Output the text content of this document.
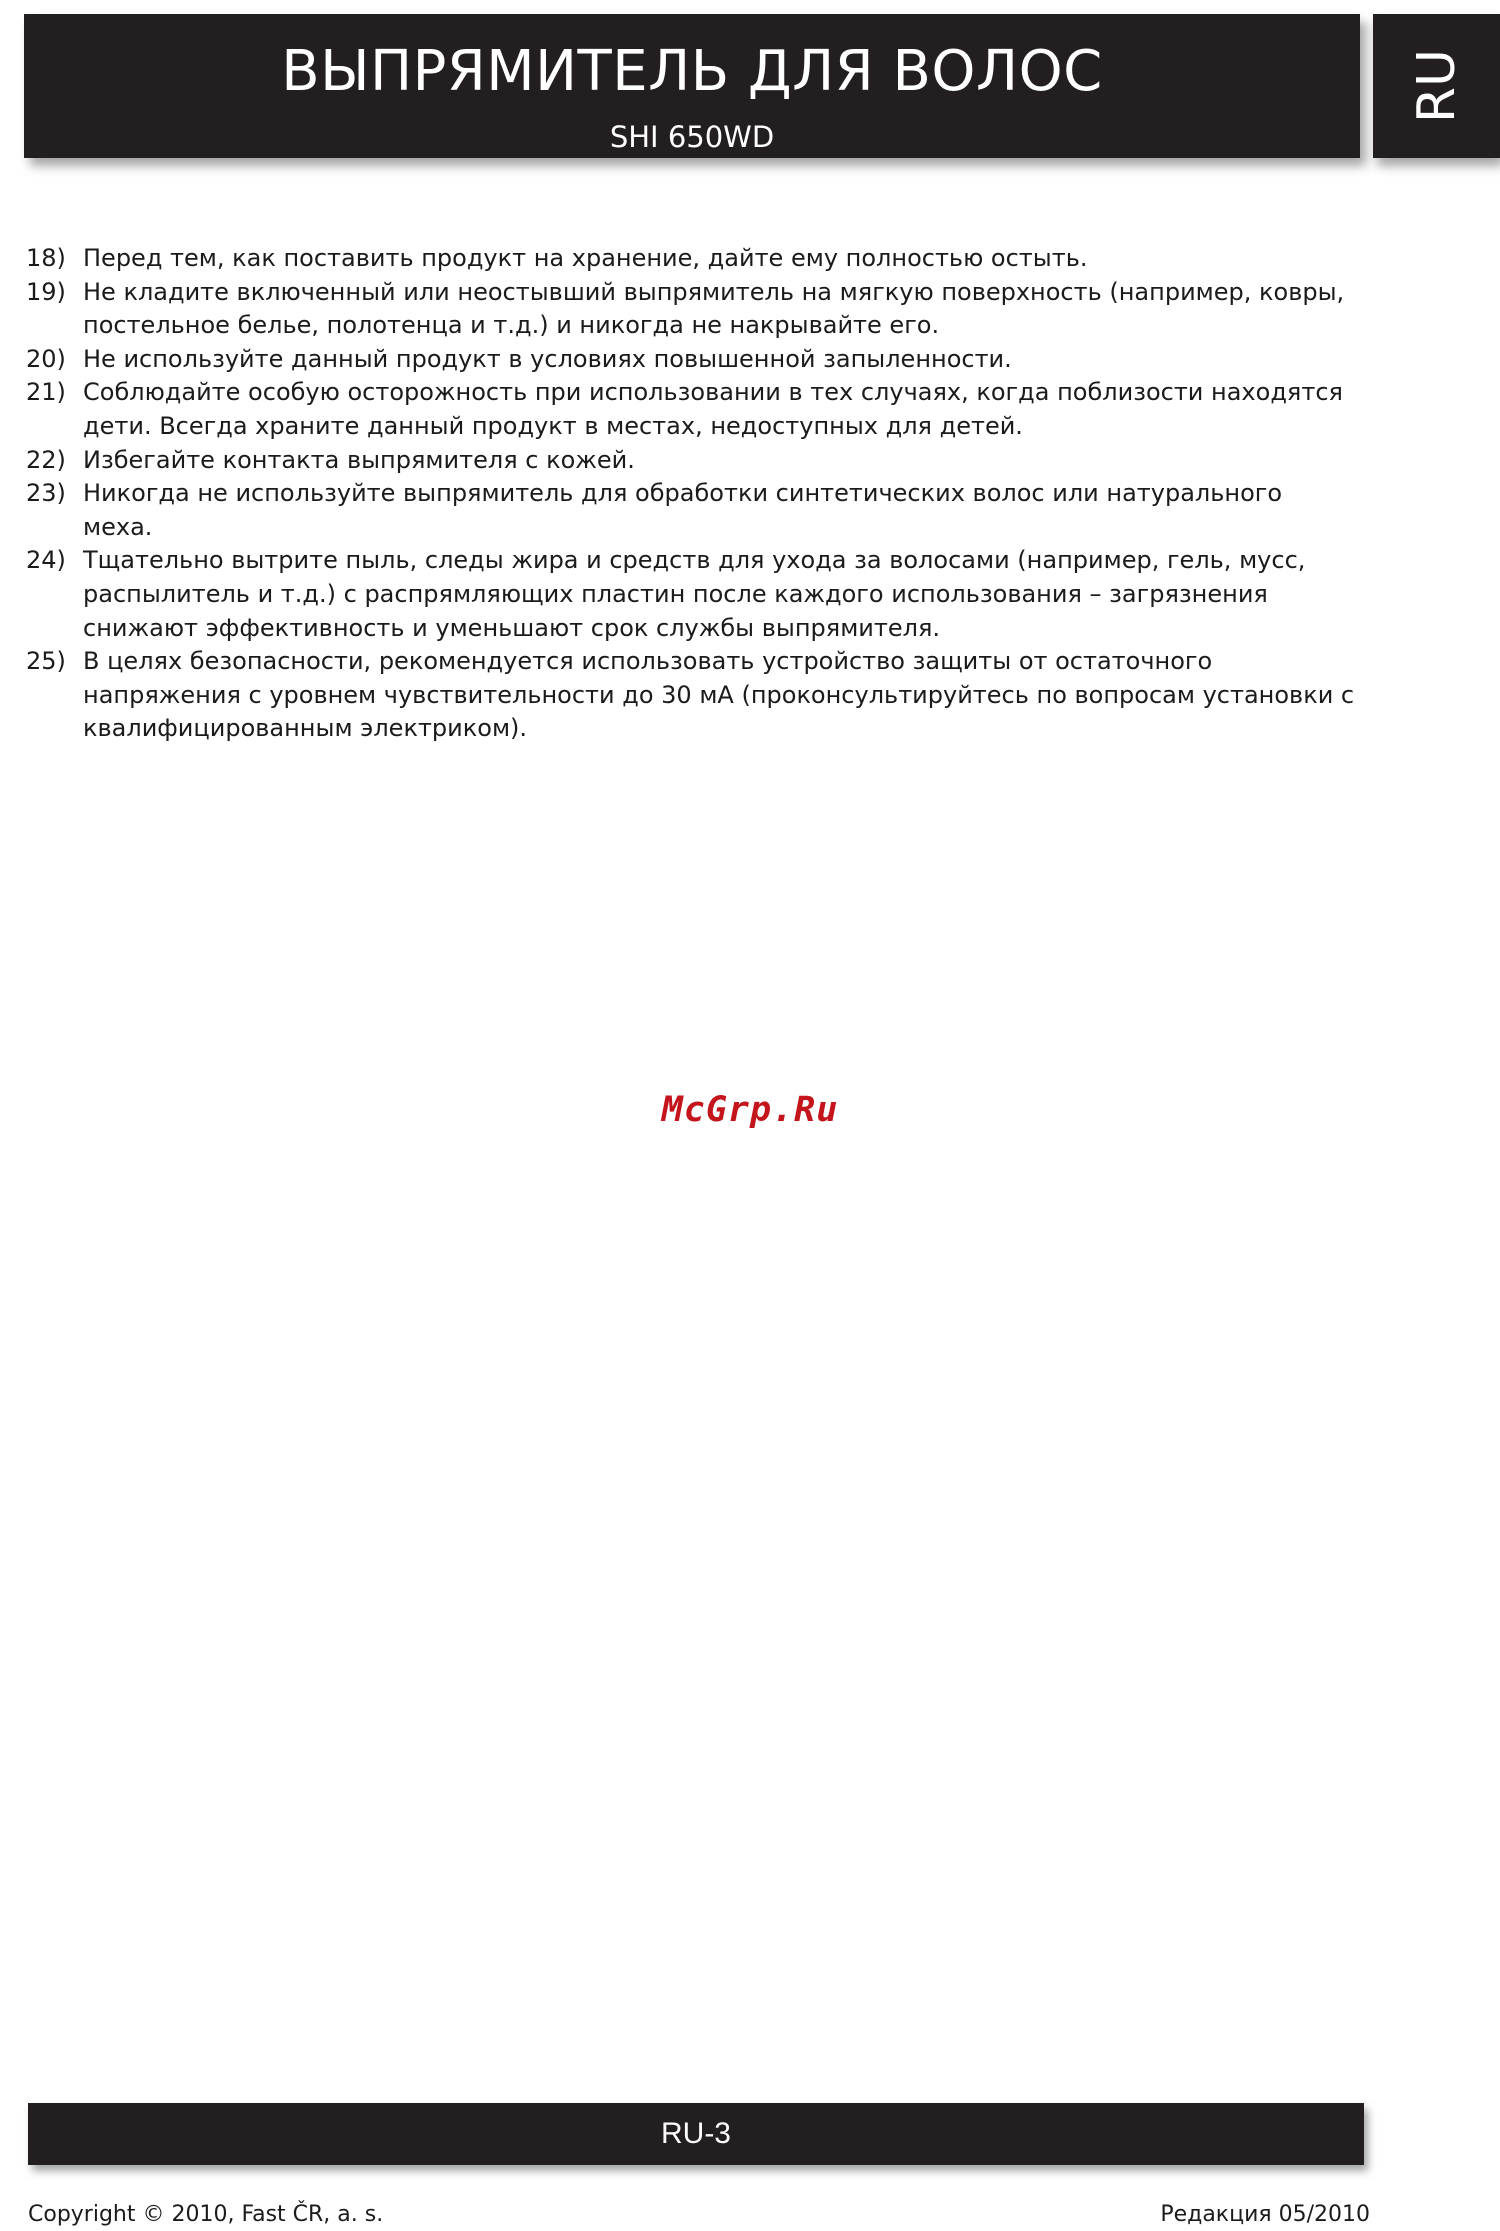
ВЫПРЯМИТЕЛЬ ДЛЯ ВОЛОС
SHI 650WD
RU
18) Перед тем, как поставить продукт на хранение, дайте ему полностью остыть.
19) Не кладите включенный или неостывший выпрямитель на мягкую поверхность (например, ковры, постельное белье, полотенца и т.д.) и никогда не накрывайте его.
20) Не используйте данный продукт в условиях повышенной запыленности.
21) Соблюдайте особую осторожность при использовании в тех случаях, когда поблизости находятся дети. Всегда храните данный продукт в местах, недоступных для детей.
22) Избегайте контакта выпрямителя с кожей.
23) Никогда не используйте выпрямитель для обработки синтетических волос или натурального меха.
24) Тщательно вытрите пыль, следы жира и средств для ухода за волосами (например, гель, мусс, распылитель и т.д.) с распрямляющих пластин после каждого использования – загрязнения снижают эффективность и уменьшают срок службы выпрямителя.
25) В целях безопасности, рекомендуется использовать устройство защиты от остаточного напряжения с уровнем чувствительности до 30 мА (проконсультируйтесь по вопросам установки с квалифицированным электриком).
McGrp.Ru
RU-3
Copyright © 2010, Fast ČR, a. s.	Редакция 05/2010
